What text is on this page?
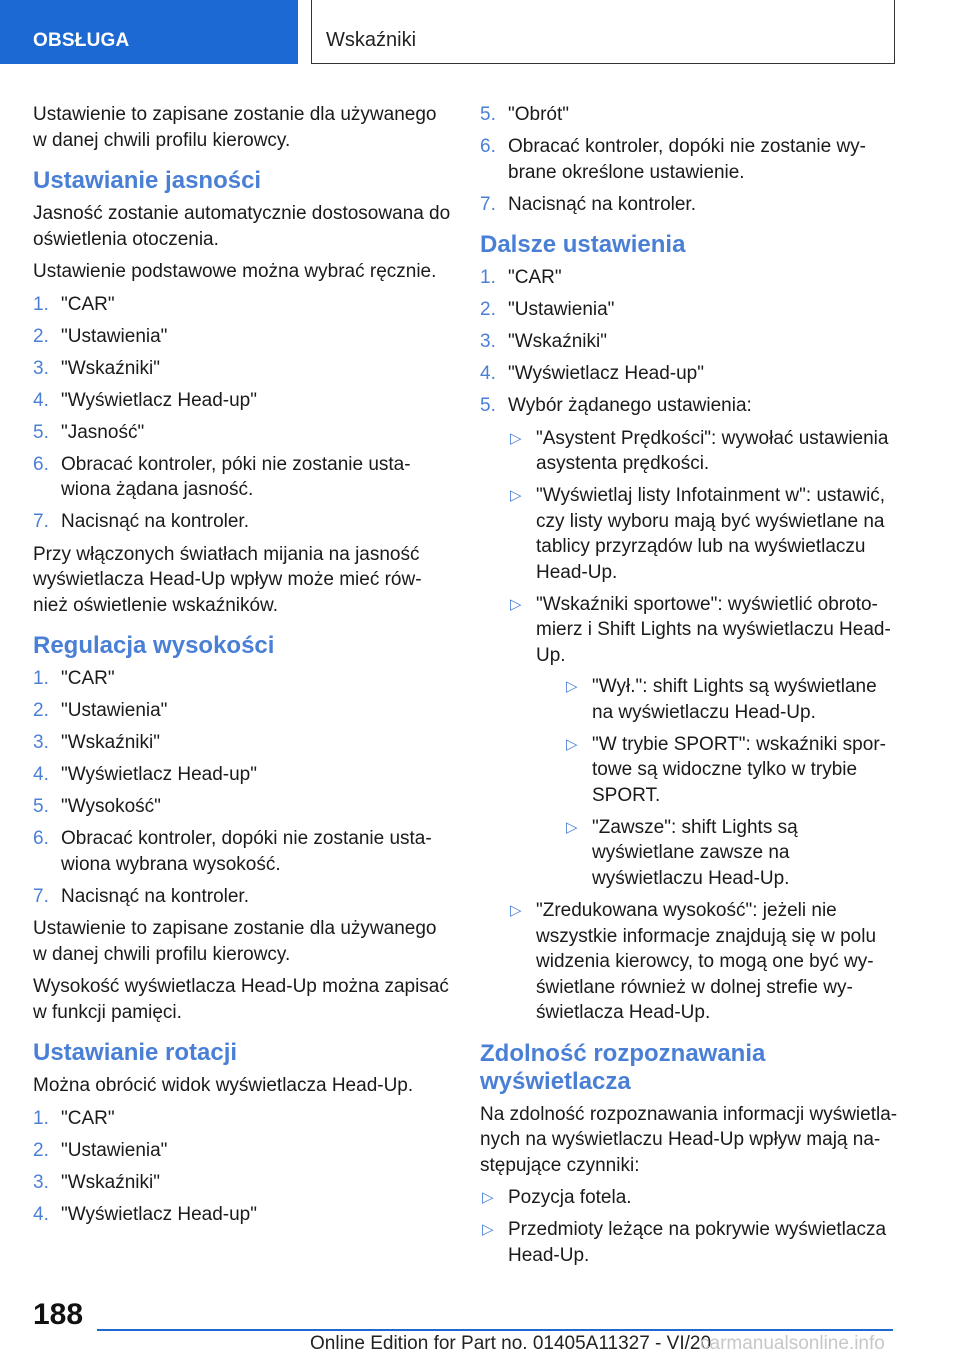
OBSŁUGA	Wskaźniki

Ustawienie to zapisane zostanie dla używanego w danej chwili profilu kierowcy.

Ustawianie jasności

Jasność zostanie automatycznie dostosowana do oświetlenia otoczenia.

Ustawienie podstawowe można wybrać ręcznie.

1. "CAR"
2. "Ustawienia"
3. "Wskaźniki"
4. "Wyświetlacz Head-up"
5. "Jasność"
6. Obracać kontroler, póki nie zostanie usta‐wiona żądana jasność.
7. Nacisnąć na kontroler.

Przy włączonych światłach mijania na jasność wyświetlacza Head-Up wpływ może mieć rów‐nież oświetlenie wskaźników.

Regulacja wysokości
1. "CAR"
2. "Ustawienia"
3. "Wskaźniki"
4. "Wyświetlacz Head-up"
5. "Wysokość"
6. Obracać kontroler, dopóki nie zostanie usta‐wiona wybrana wysokość.
7. Nacisnąć na kontroler.

Ustawienie to zapisane zostanie dla używanego w danej chwili profilu kierowcy.

Wysokość wyświetlacza Head-Up można zapisać w funkcji pamięci.

Ustawianie rotacji

Można obrócić widok wyświetlacza Head-Up.

1. "CAR"
2. "Ustawienia"
3. "Wskaźniki"
4. "Wyświetlacz Head-up"
5. "Obrót"
6. Obracać kontroler, dopóki nie zostanie wy‐brane określone ustawienie.
7. Nacisnąć na kontroler.
Dalsze ustawienia
1. "CAR"
2. "Ustawienia"
3. "Wskaźniki"
4. "Wyświetlacz Head-up"
5. Wybór żądanego ustawienia:
▷ "Asystent Prędkości": wywołać ustawienia asystenta prędkości.
▷ "Wyświetlaj listy Infotainment w": ustawić, czy listy wyboru mają być wyświetlane na tablicy przyrządów lub na wyświetlaczu Head-Up.
▷ "Wskaźniki sportowe": wyświetlić obroto‐mierz i Shift Lights na wyświetlaczu Head-Up.
▷ "Wył.": shift Lights są wyświetlane na wyświetlaczu Head-Up.
▷ "W trybie SPORT": wskaźniki spor‐towe są widoczne tylko w trybie SPORT.
▷ "Zawsze": shift Lights są wyświetlane zawsze na wyświetlaczu Head-Up.
▷ "Zredukowana wysokość": jeżeli nie wszystkie informacje znajdują się w polu widzenia kierowcy, to mogą one być wy‐świetlane również w dolnej strefie wy‐świetlacza Head-Up.
Zdolność rozpoznawania wyświetlacza

Na zdolność rozpoznawania informacji wyświetla‐nych na wyświetlaczu Head-Up wpływ mają na‐stępujące czynniki:

▷ Pozycja fotela.
▷ Przedmioty leżące na pokrywie wyświetlacza Head-Up.
188
Online Edition for Part no. 01405A11327 - VI/20
carmanualsonline.info
